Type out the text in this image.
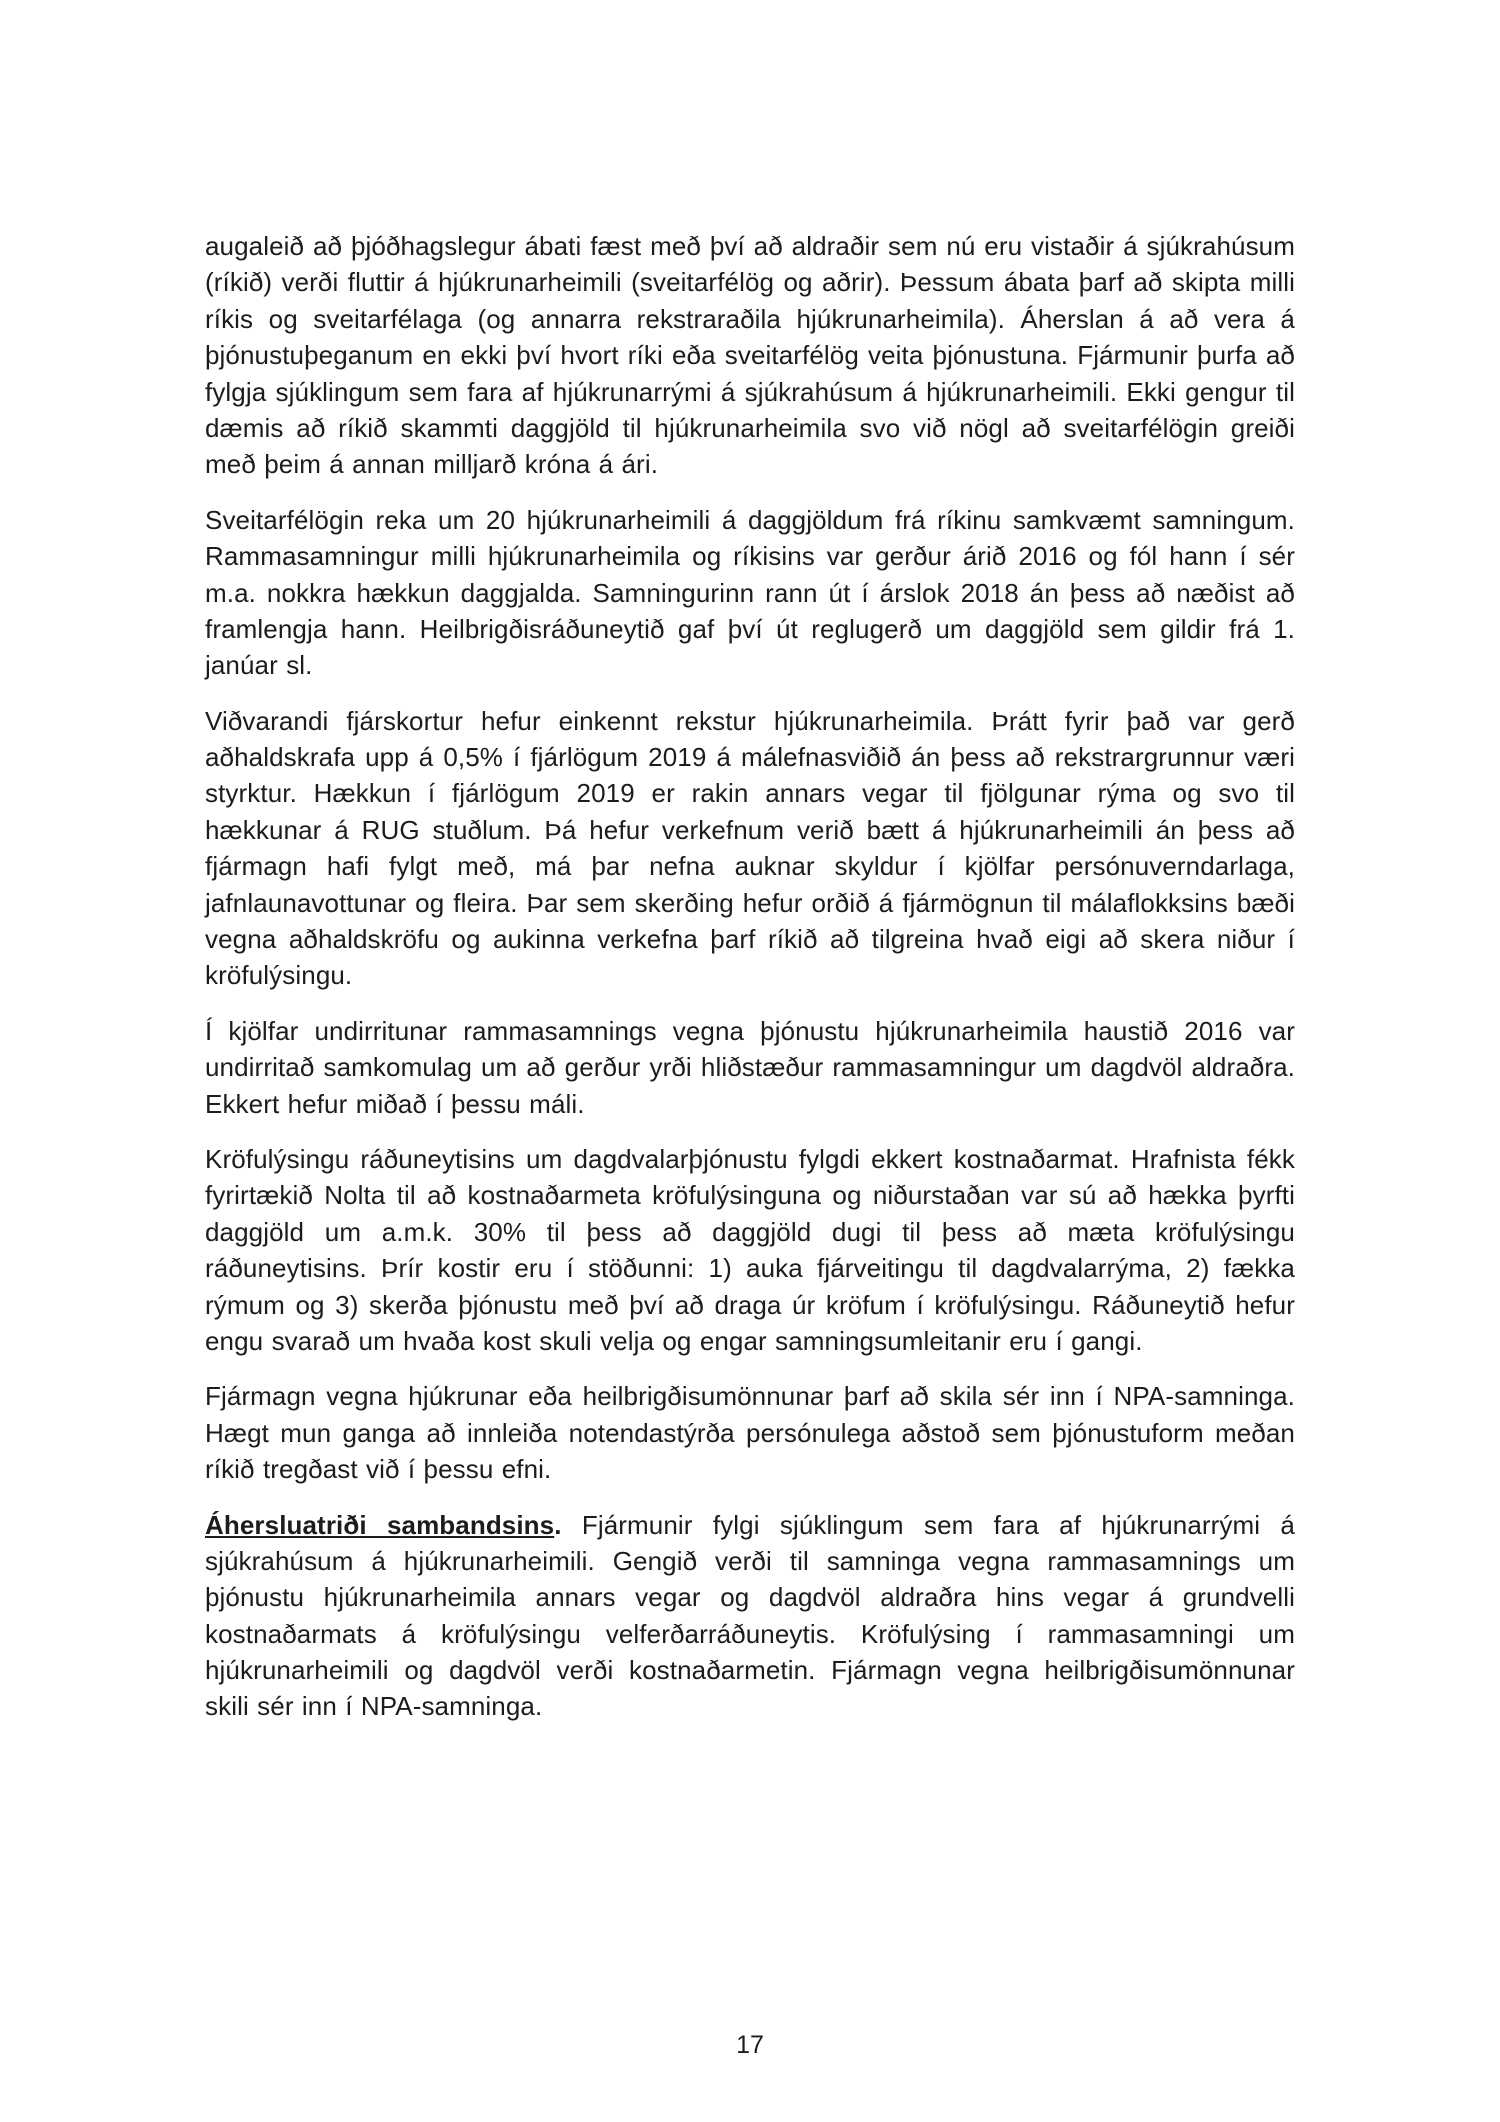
augaleið að þjóðhagslegur ábati fæst með því að aldraðir sem nú eru vistaðir á sjúkrahúsum (ríkið) verði fluttir á hjúkrunarheimili (sveitarfélög og aðrir). Þessum ábata þarf að skipta milli ríkis og sveitarfélaga (og annarra rekstraraðila hjúkrunarheimila). Áherslan á að vera á þjónustuþeganum en ekki því hvort ríki eða sveitarfélög veita þjónustuna. Fjármunir þurfa að fylgja sjúklingum sem fara af hjúkrunarrými á sjúkrahúsum á hjúkrunarheimili. Ekki gengur til dæmis að ríkið skammti daggjöld til hjúkrunarheimila svo við nögl að sveitarfélögin greiði með þeim á annan milljarð króna á ári.

Sveitarfélögin reka um 20 hjúkrunarheimili á daggjöldum frá ríkinu samkvæmt samningum. Rammasamningur milli hjúkrunarheimila og ríkisins var gerður árið 2016 og fól hann í sér m.a. nokkra hækkun daggjalda. Samningurinn rann út í árslok 2018 án þess að næðist að framlengja hann. Heilbrigðisráðuneytið gaf því út reglugerð um daggjöld sem gildir frá 1. janúar sl.

Viðvarandi fjárskortur hefur einkennt rekstur hjúkrunarheimila. Þrátt fyrir það var gerð aðhaldskrafa upp á 0,5% í fjárlögum 2019 á málefnasviðið án þess að rekstrargrunnur væri styrktur. Hækkun í fjárlögum 2019 er rakin annars vegar til fjölgunar rýma og svo til hækkunar á RUG stuðlum. Þá hefur verkefnum verið bætt á hjúkrunarheimili án þess að fjármagn hafi fylgt með, má þar nefna auknar skyldur í kjölfar persónuverndarlaga, jafnlaunavottunar og fleira. Þar sem skerðing hefur orðið á fjármögnun til málaflokksins bæði vegna aðhaldskröfu og aukinna verkefna þarf ríkið að tilgreina hvað eigi að skera niður í kröfulýsingu.

Í kjölfar undirritunar rammasamnings vegna þjónustu hjúkrunarheimila haustið 2016 var undirritað samkomulag um að gerður yrði hliðstæður rammasamningur um dagdvöl aldraðra. Ekkert hefur miðað í þessu máli.

Kröfulýsingu ráðuneytisins um dagdvalarþjónustu fylgdi ekkert kostnaðarmat. Hrafnista fékk fyrirtækið Nolta til að kostnaðarmeta kröfulýsinguna og niðurstaðan var sú að hækka þyrfti daggjöld um a.m.k. 30% til þess að daggjöld dugi til þess að mæta kröfulýsingu ráðuneytisins. Þrír kostir eru í stöðunni: 1) auka fjárveitingu til dagdvalarrýma, 2) fækka rýmum og 3) skerða þjónustu með því að draga úr kröfum í kröfulýsingu. Ráðuneytið hefur engu svarað um hvaða kost skuli velja og engar samningsumleitanir eru í gangi.

Fjármagn vegna hjúkrunar eða heilbrigðisumönnunar þarf að skila sér inn í NPA-samninga. Hægt mun ganga að innleiða notendastýrða persónulega aðstoð sem þjónustuform meðan ríkið tregðast við í þessu efni.

Áhersluatriði sambandsins. Fjármunir fylgi sjúklingum sem fara af hjúkrunarrými á sjúkrahúsum á hjúkrunarheimili. Gengið verði til samninga vegna rammasamnings um þjónustu hjúkrunarheimila annars vegar og dagdvöl aldraðra hins vegar á grundvelli kostnaðarmats á kröfulýsingu velferðarráðuneytis. Kröfulýsing í rammasamningi um hjúkrunarheimili og dagdvöl verði kostnaðarmetin. Fjármagn vegna heilbrigðisumönnunar skili sér inn í NPA-samninga.

17
